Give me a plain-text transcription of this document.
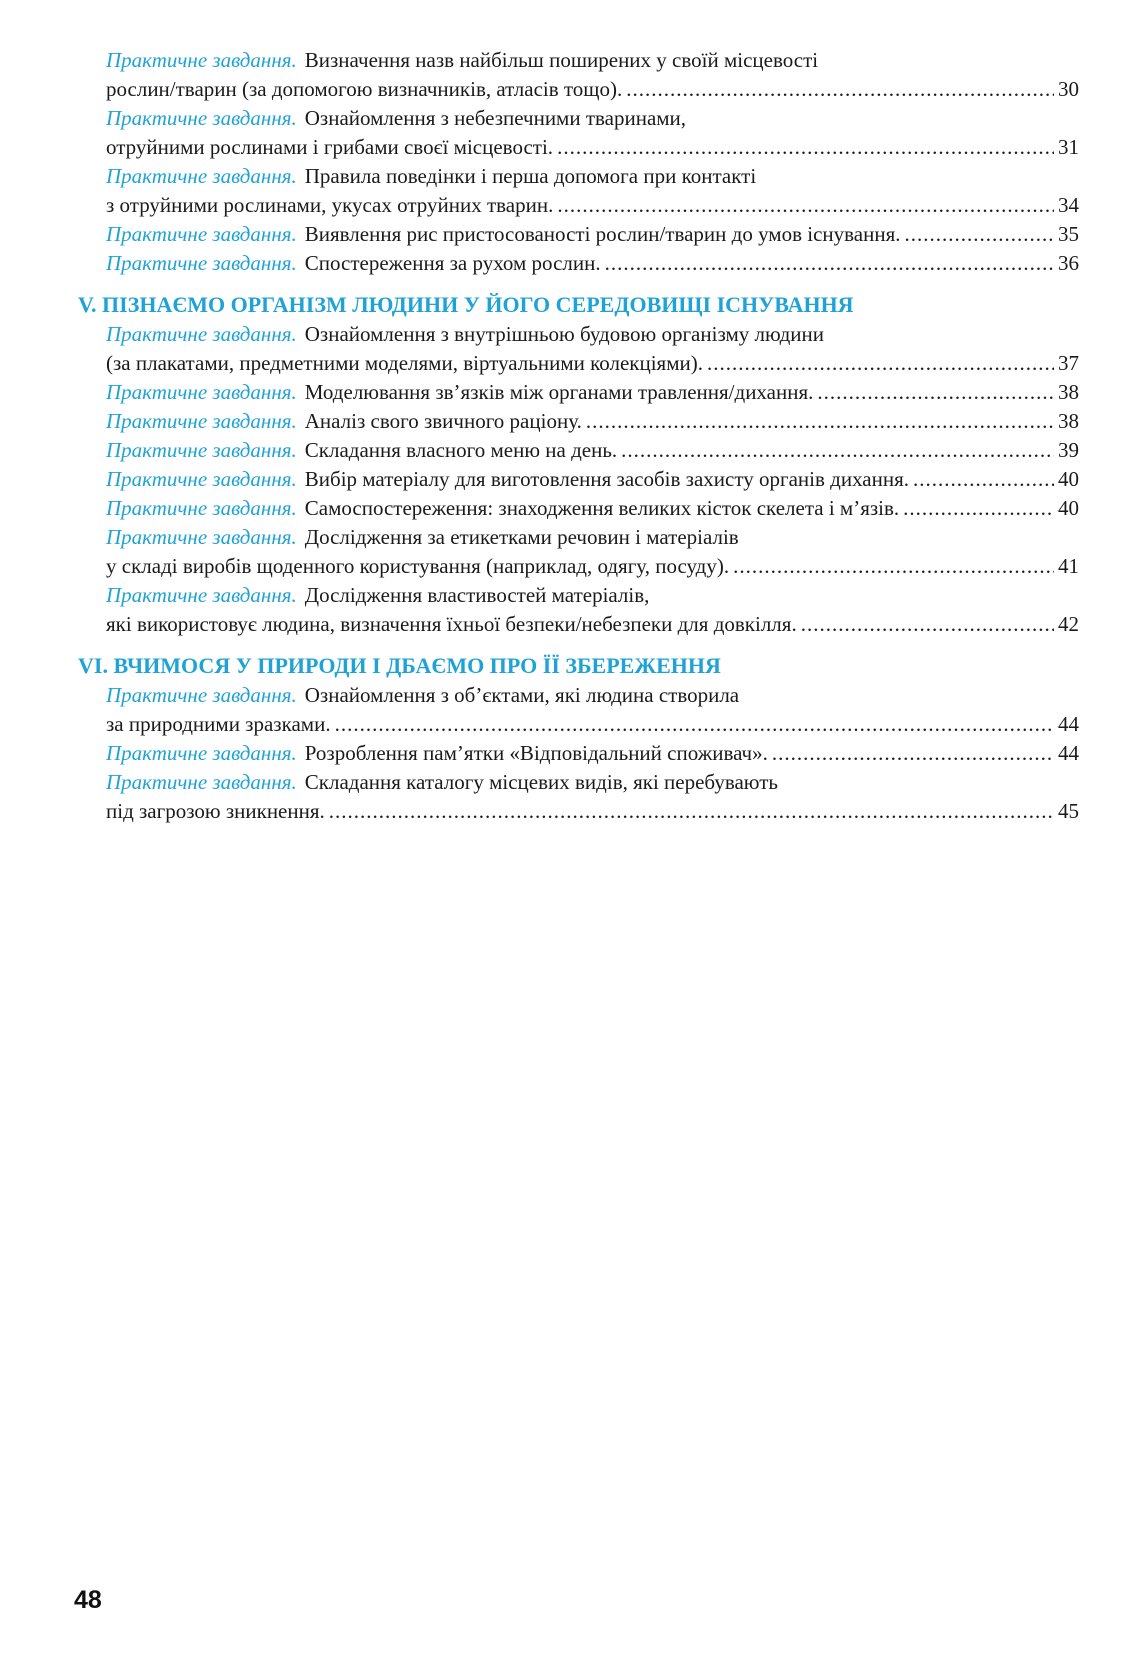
Практичне завдання. Визначення назв найбільш поширених у своїй місцевості
рослин/тварин (за допомогою визначників, атласів тощо). .....	30
Практичне завдання. Ознайомлення з небезпечними тваринами,
отруйними рослинами і грибами своєї місцевості. .....	31
Практичне завдання. Правила поведінки і перша допомога при контакті
з отруйними рослинами, укусах отруйних тварин. .....	34
Практичне завдання. Виявлення рис пристосованості рослин/тварин до умов існування. .....	35
Практичне завдання. Спостереження за рухом рослин. .....	36
V. ПІЗНАЄМО ОРГАНІЗМ ЛЮДИНИ У ЙОГО СЕРЕДОВИЩІ ІСНУВАННЯ
Практичне завдання. Ознайомлення з внутрішньою будовою організму людини
(за плакатами, предметними моделями, віртуальними колекціями). .....	37
Практичне завдання. Моделювання зв’язків між органами травлення/дихання. .....	38
Практичне завдання. Аналіз свого звичного раціону. .....	38
Практичне завдання. Складання власного меню на день. .....	39
Практичне завдання. Вибір матеріалу для виготовлення засобів захисту органів дихання. .....	40
Практичне завдання. Самоспостереження: знаходження великих кісток скелета і м’язів. .....	40
Практичне завдання. Дослідження за етикетками речовин і матеріалів
у складі виробів щоденного користування (наприклад, одягу, посуду). .....	41
Практичне завдання. Дослідження властивостей матеріалів,
які використовує людина, визначення їхньої безпеки/небезпеки для довкілля. .....	42
VI. ВЧИМОСЯ У ПРИРОДИ І ДБАЄМО ПРО ЇЇ ЗБЕРЕЖЕННЯ
Практичне завдання. Ознайомлення з об’єктами, які людина створила
за природними зразками. .....	44
Практичне завдання. Розроблення пам’ятки «Відповідальний споживач». .....	44
Практичне завдання. Складання каталогу місцевих видів, які перебувають
під загрозою зникнення. .....	45
48
